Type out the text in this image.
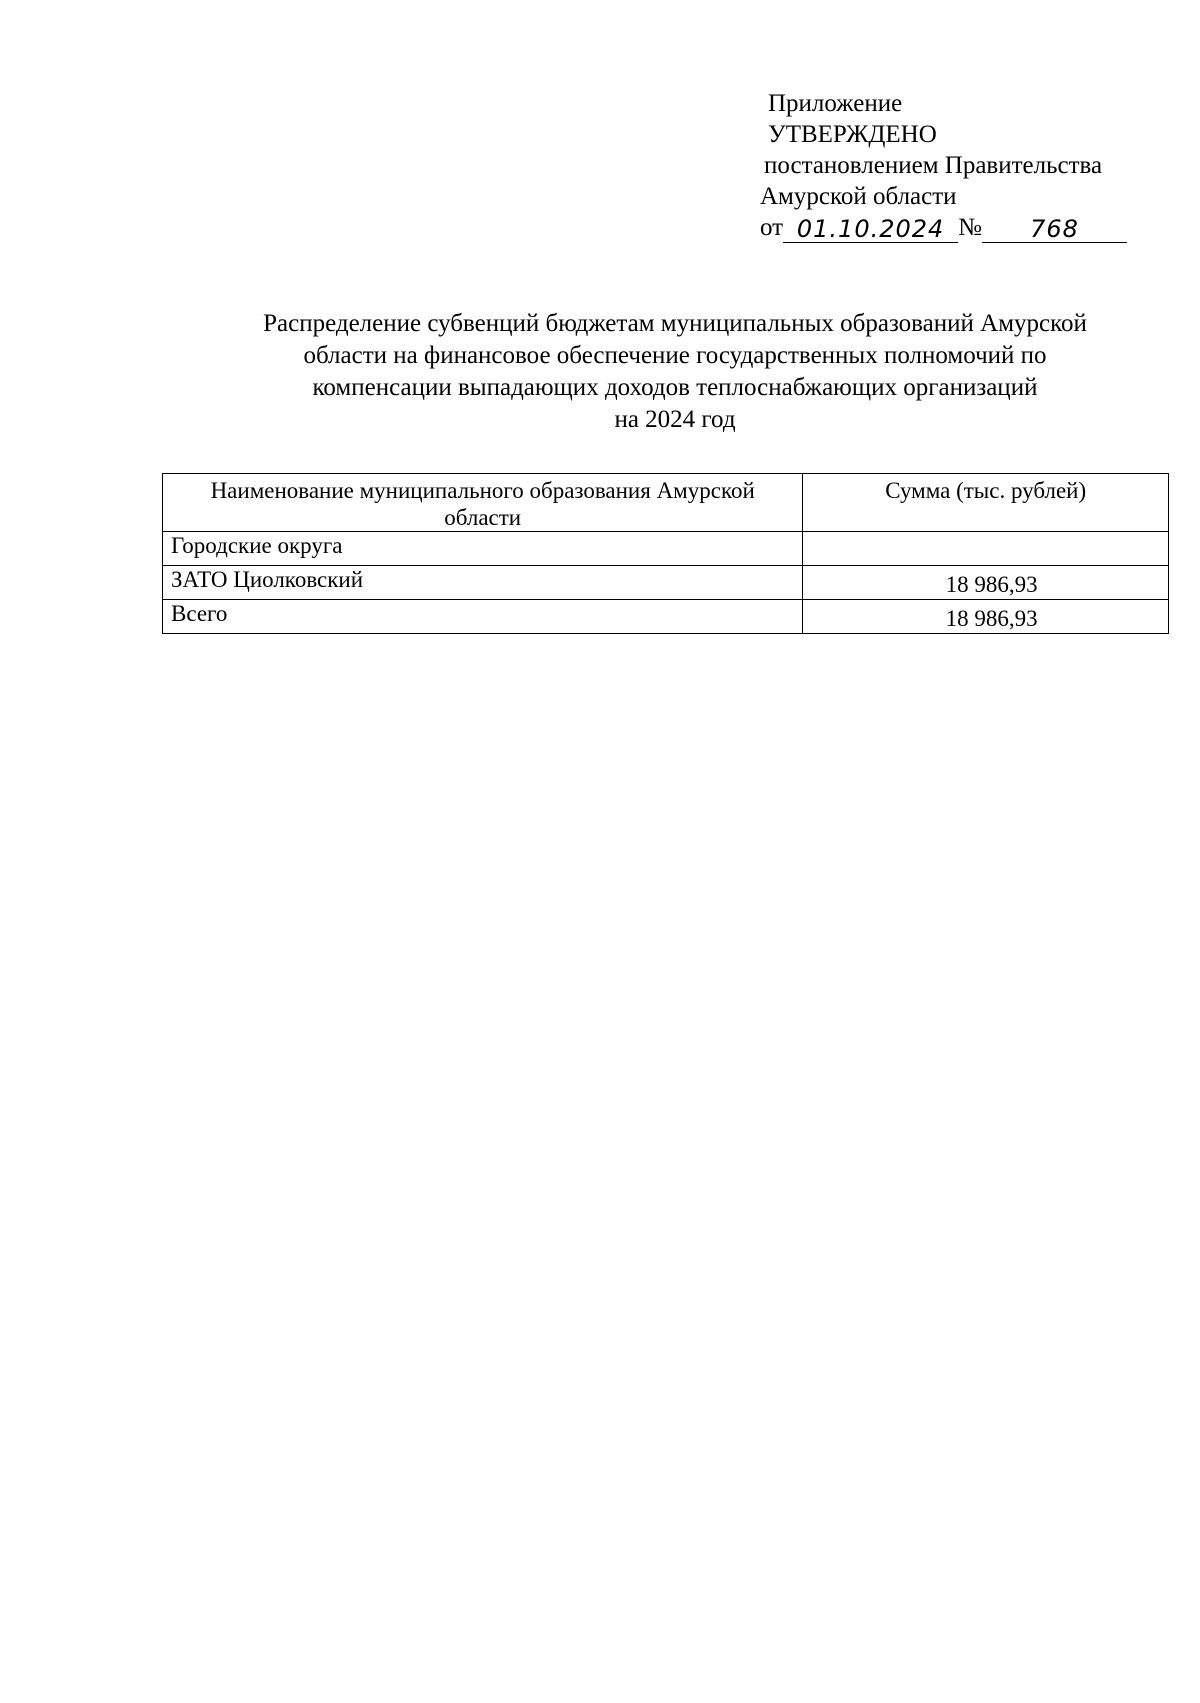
Приложение
УТВЕРЖДЕНО
постановлением Правительства
Амурской области
от 01.10.2024 №	768
Распределение субвенций бюджетам муниципальных образований Амурской
области на финансовое обеспечение государственных полномочий по
компенсации выпадающих доходов теплоснабжающих организаций
на 2024 год
Наименование муниципального образования Амурской области	Сумма (тыс. рублей)
Городские округа	
ЗАТО Циолковский	18 986,93
Всего	18 986,93
